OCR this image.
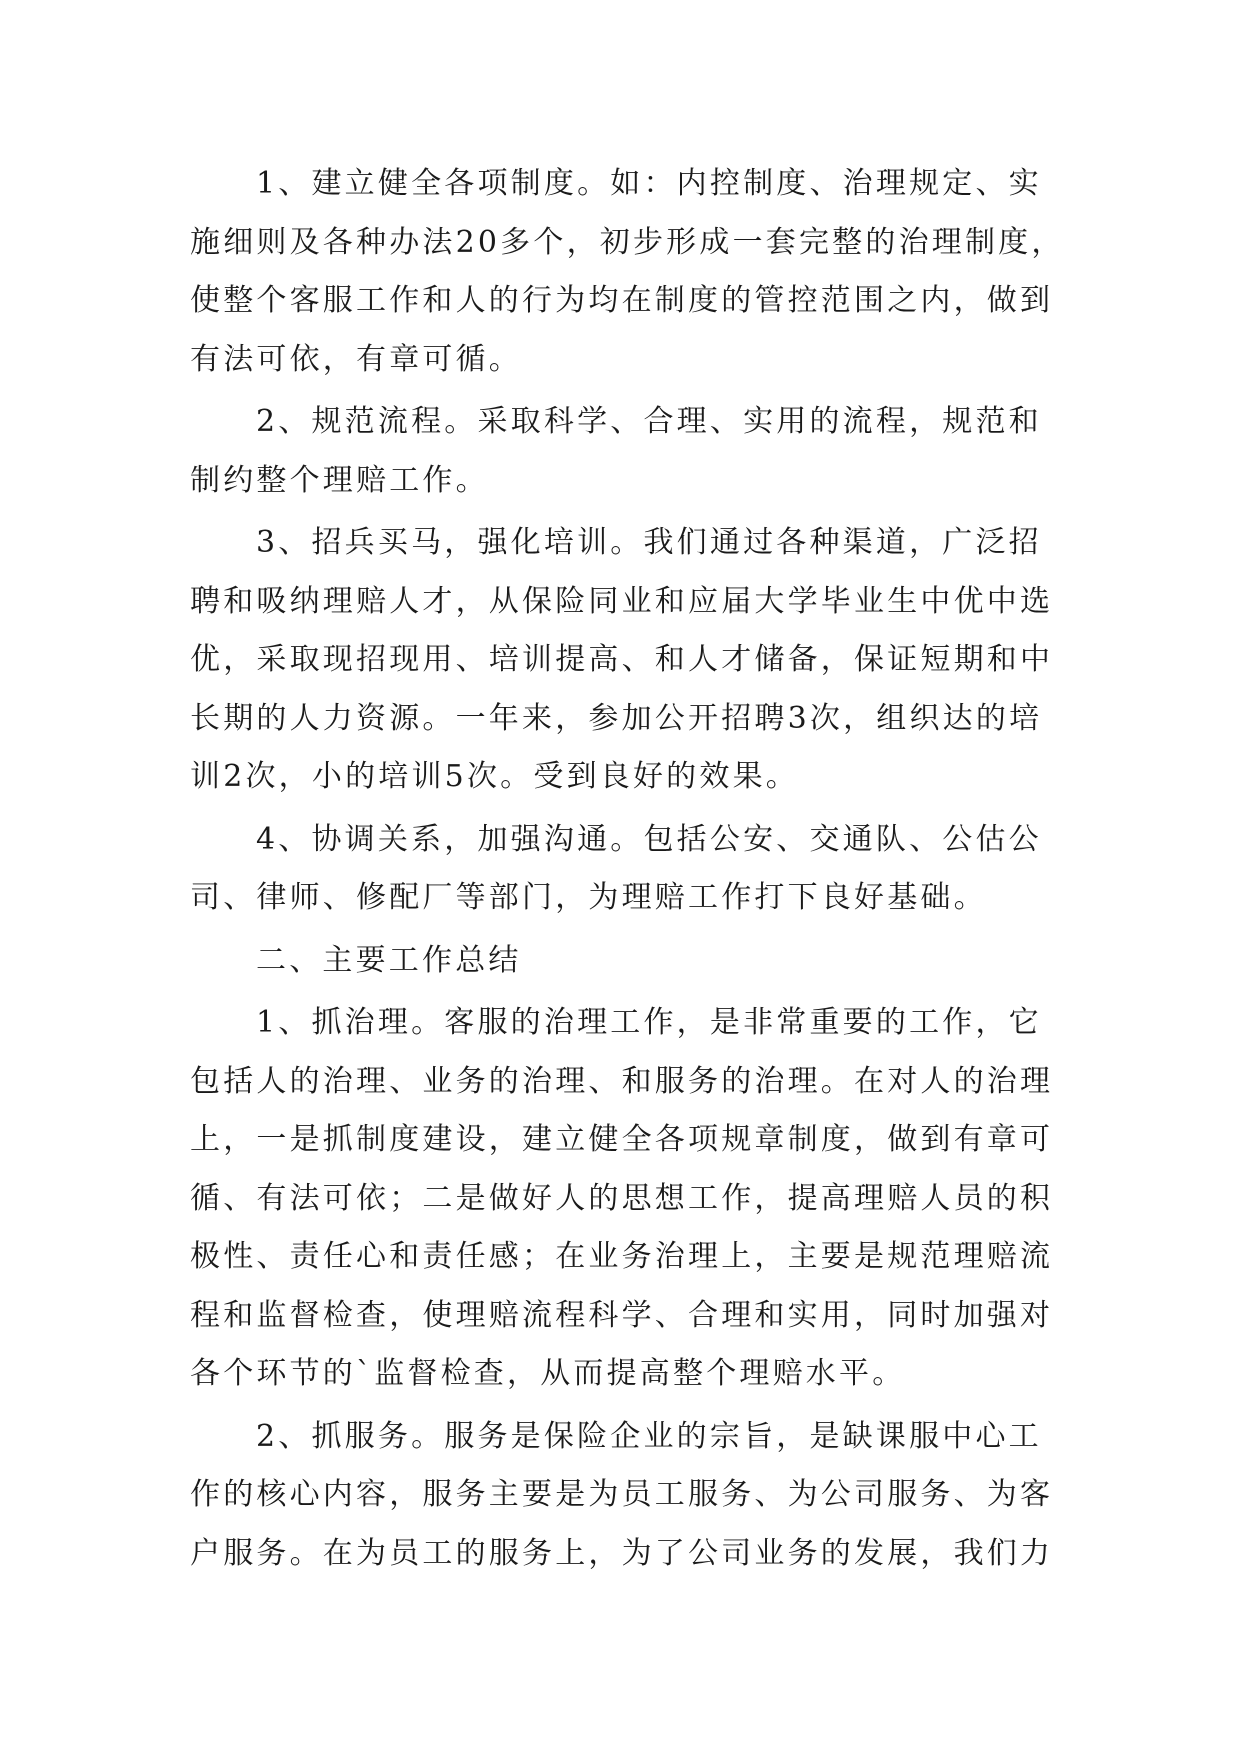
1、建立健全各项制度。如：内控制度、治理规定、实
施细则及各种办法20多个，初步形成一套完整的治理制度，
使整个客服工作和人的行为均在制度的管控范围之内，做到
有法可依，有章可循。

2、规范流程。采取科学、合理、实用的流程，规范和
制约整个理赔工作。

3、招兵买马，强化培训。我们通过各种渠道，广泛招
聘和吸纳理赔人才，从保险同业和应届大学毕业生中优中选
优，采取现招现用、培训提高、和人才储备，保证短期和中
长期的人力资源。一年来，参加公开招聘3次，组织达的培
训2次，小的培训5次。受到良好的效果。

4、协调关系，加强沟通。包括公安、交通队、公估公
司、律师、修配厂等部门，为理赔工作打下良好基础。

二、主要工作总结

1、抓治理。客服的治理工作，是非常重要的工作，它
包括人的治理、业务的治理、和服务的治理。在对人的治理
上，一是抓制度建设，建立健全各项规章制度，做到有章可
循、有法可依；二是做好人的思想工作，提高理赔人员的积
极性、责任心和责任感；在业务治理上，主要是规范理赔流
程和监督检查，使理赔流程科学、合理和实用，同时加强对
各个环节的`监督检查，从而提高整个理赔水平。

2、抓服务。服务是保险企业的宗旨，是缺课服中心工
作的核心内容，服务主要是为员工服务、为公司服务、为客
户服务。在为员工的服务上，为了公司业务的发展，我们力
